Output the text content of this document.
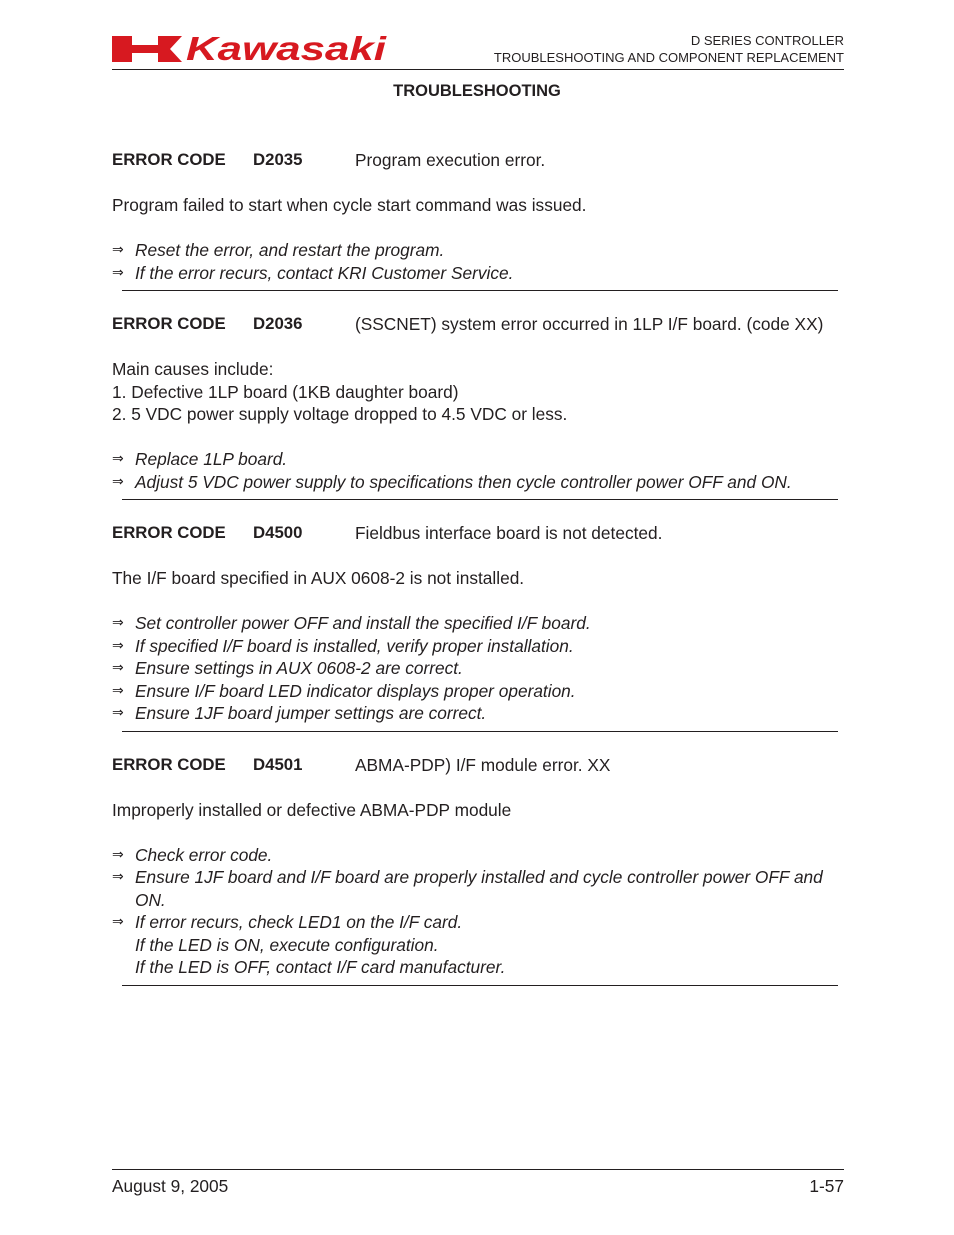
Kawasaki	D SERIES CONTROLLER
TROUBLESHOOTING AND COMPONENT REPLACEMENT
TROUBLESHOOTING
ERROR CODE D2035	Program execution error.
Program failed to start when cycle start command was issued.
⇒ Reset the error, and restart the program.
⇒ If the error recurs, contact KRI Customer Service.
ERROR CODE D2036	(SSCNET) system error occurred in 1LP I/F board. (code XX)
Main causes include:
1. Defective 1LP board (1KB daughter board)
2. 5 VDC power supply voltage dropped to 4.5 VDC or less.
⇒ Replace 1LP board.
⇒ Adjust 5 VDC power supply to specifications then cycle controller power OFF and ON.
ERROR CODE D4500	Fieldbus interface board is not detected.
The I/F board specified in AUX 0608-2 is not installed.
⇒ Set controller power OFF and install the specified I/F board.
⇒ If specified I/F board is installed, verify proper installation.
⇒ Ensure settings in AUX 0608-2 are correct.
⇒ Ensure I/F board LED indicator displays proper operation.
⇒ Ensure 1JF board jumper settings are correct.
ERROR CODE D4501	ABMA-PDP) I/F module error. XX
Improperly installed or defective ABMA-PDP module
⇒ Check error code.
⇒ Ensure 1JF board and I/F board are properly installed and cycle controller power OFF and ON.
⇒ If error recurs, check LED1 on the I/F card.
If the LED is ON, execute configuration.
If the LED is OFF, contact I/F card manufacturer.
August 9, 2005	1-57
